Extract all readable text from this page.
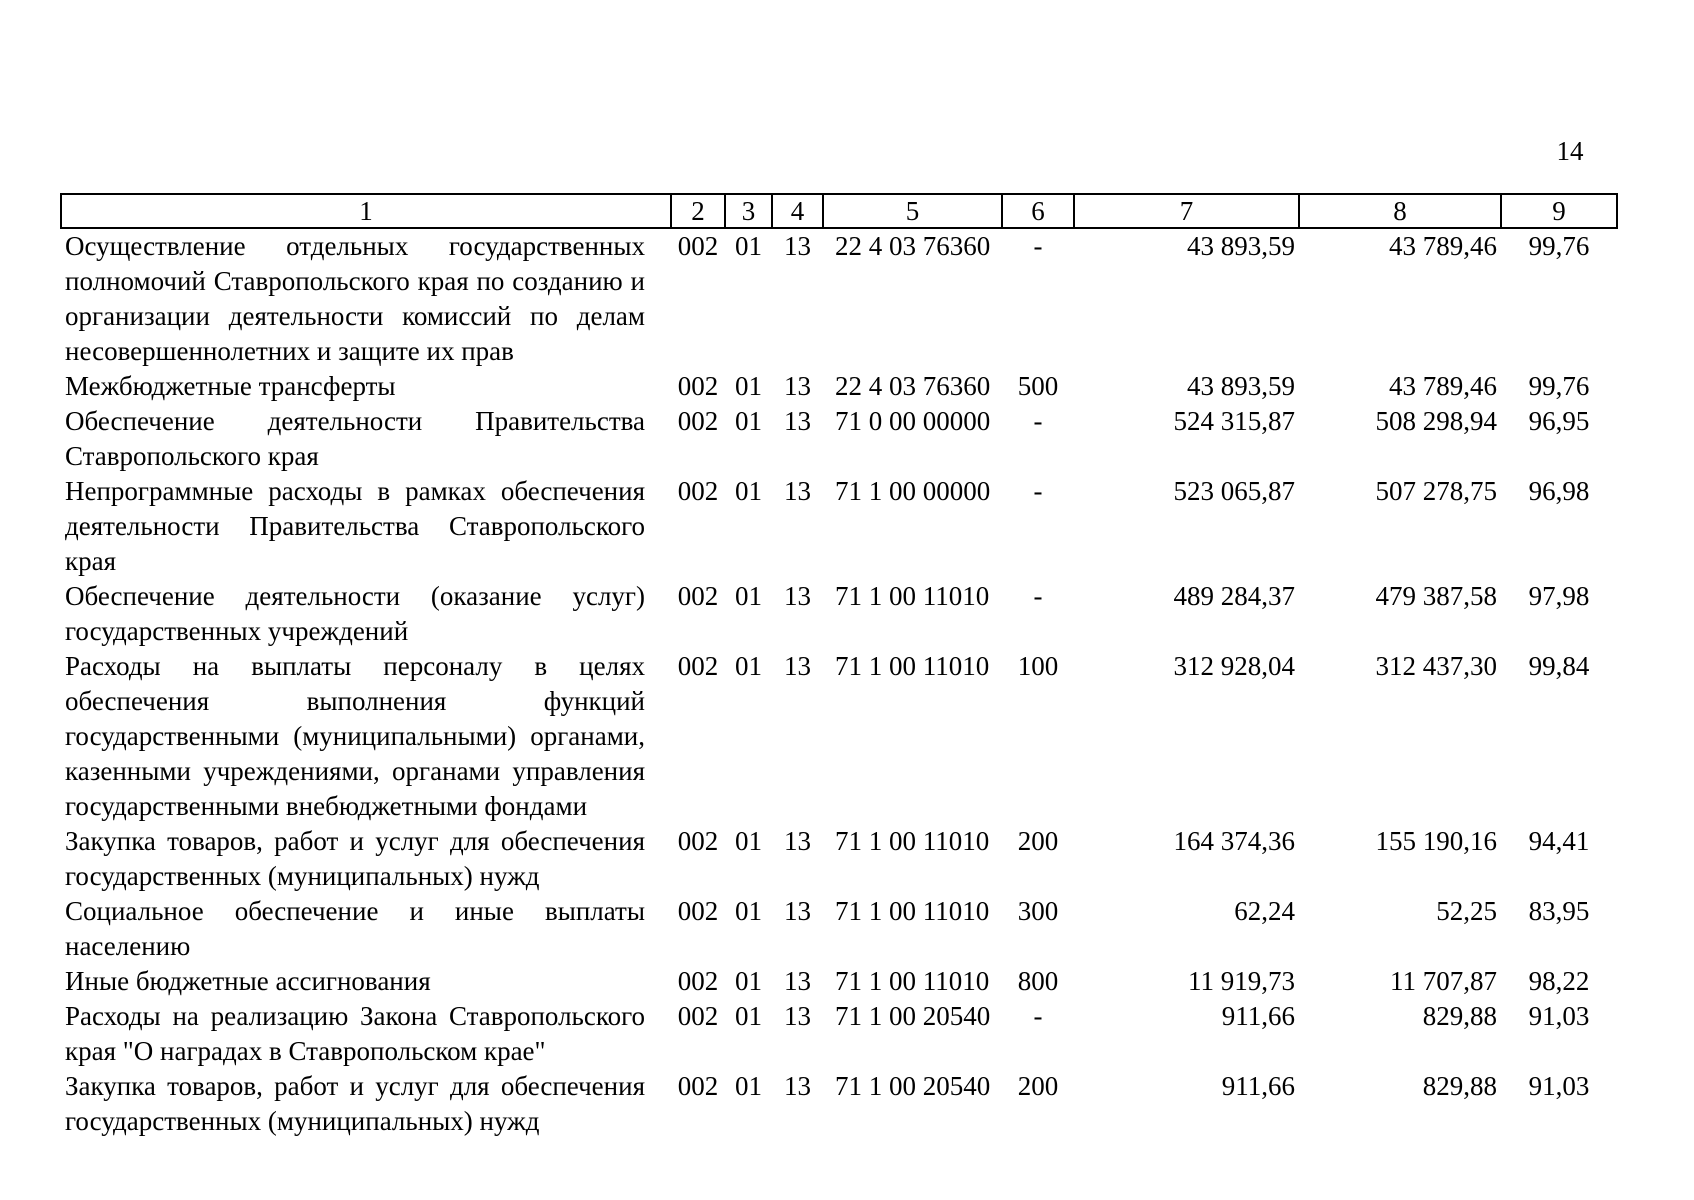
14
1	2	3	4	5	6	7	8	9
Осуществление отдельных государственных полномочий Ставропольского края по созданию и организации деятельности комиссий по делам несовершеннолетних и защите их прав	002	01	13	22 4 03 76360	-	43 893,59	43 789,46	99,76
Межбюджетные трансферты	002	01	13	22 4 03 76360	500	43 893,59	43 789,46	99,76
Обеспечение деятельности Правительства Ставропольского края	002	01	13	71 0 00 00000	-	524 315,87	508 298,94	96,95
Непрограммные расходы в рамках обеспечения деятельности Правительства Ставропольского края	002	01	13	71 1 00 00000	-	523 065,87	507 278,75	96,98
Обеспечение деятельности (оказание услуг) государственных учреждений	002	01	13	71 1 00 11010	-	489 284,37	479 387,58	97,98
Расходы на выплаты персоналу в целях обеспечения выполнения функций государственными (муниципальными) органами, казенными учреждениями, органами управления государственными внебюджетными фондами	002	01	13	71 1 00 11010	100	312 928,04	312 437,30	99,84
Закупка товаров, работ и услуг для обеспечения государственных (муниципальных) нужд	002	01	13	71 1 00 11010	200	164 374,36	155 190,16	94,41
Социальное обеспечение и иные выплаты населению	002	01	13	71 1 00 11010	300	62,24	52,25	83,95
Иные бюджетные ассигнования	002	01	13	71 1 00 11010	800	11 919,73	11 707,87	98,22
Расходы на реализацию Закона Ставропольского края "О наградах в Ставропольском крае"	002	01	13	71 1 00 20540	-	911,66	829,88	91,03
Закупка товаров, работ и услуг для обеспечения государственных (муниципальных) нужд	002	01	13	71 1 00 20540	200	911,66	829,88	91,03
